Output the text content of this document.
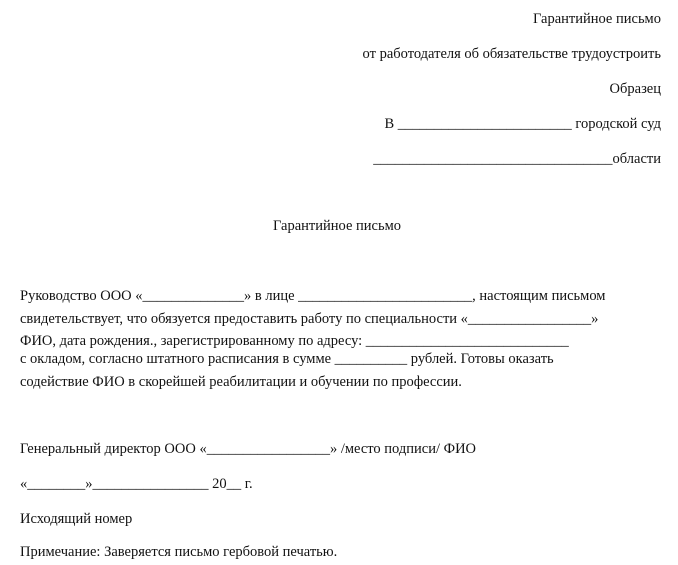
Гарантийное письмо
от работодателя об обязательстве трудоустроить
Образец
В ________________________ городской суд
_________________________________области
Гарантийное письмо
Руководство ООО «______________» в лице ________________________, настоящим письмом
свидетельствует, что обязуется предоставить работу по специальности «_________________»
ФИО, дата рождения., зарегистрированному по адресу: ____________________________
с окладом, согласно штатного расписания в сумме __________ рублей. Готовы оказать
содействие ФИО в скорейшей реабилитации и обучении по профессии.
Генеральный директор ООО «_________________» /место подписи/ ФИО
«________»________________ 20__ г.
Исходящий номер
Примечание: Заверяется письмо гербовой печатью.
